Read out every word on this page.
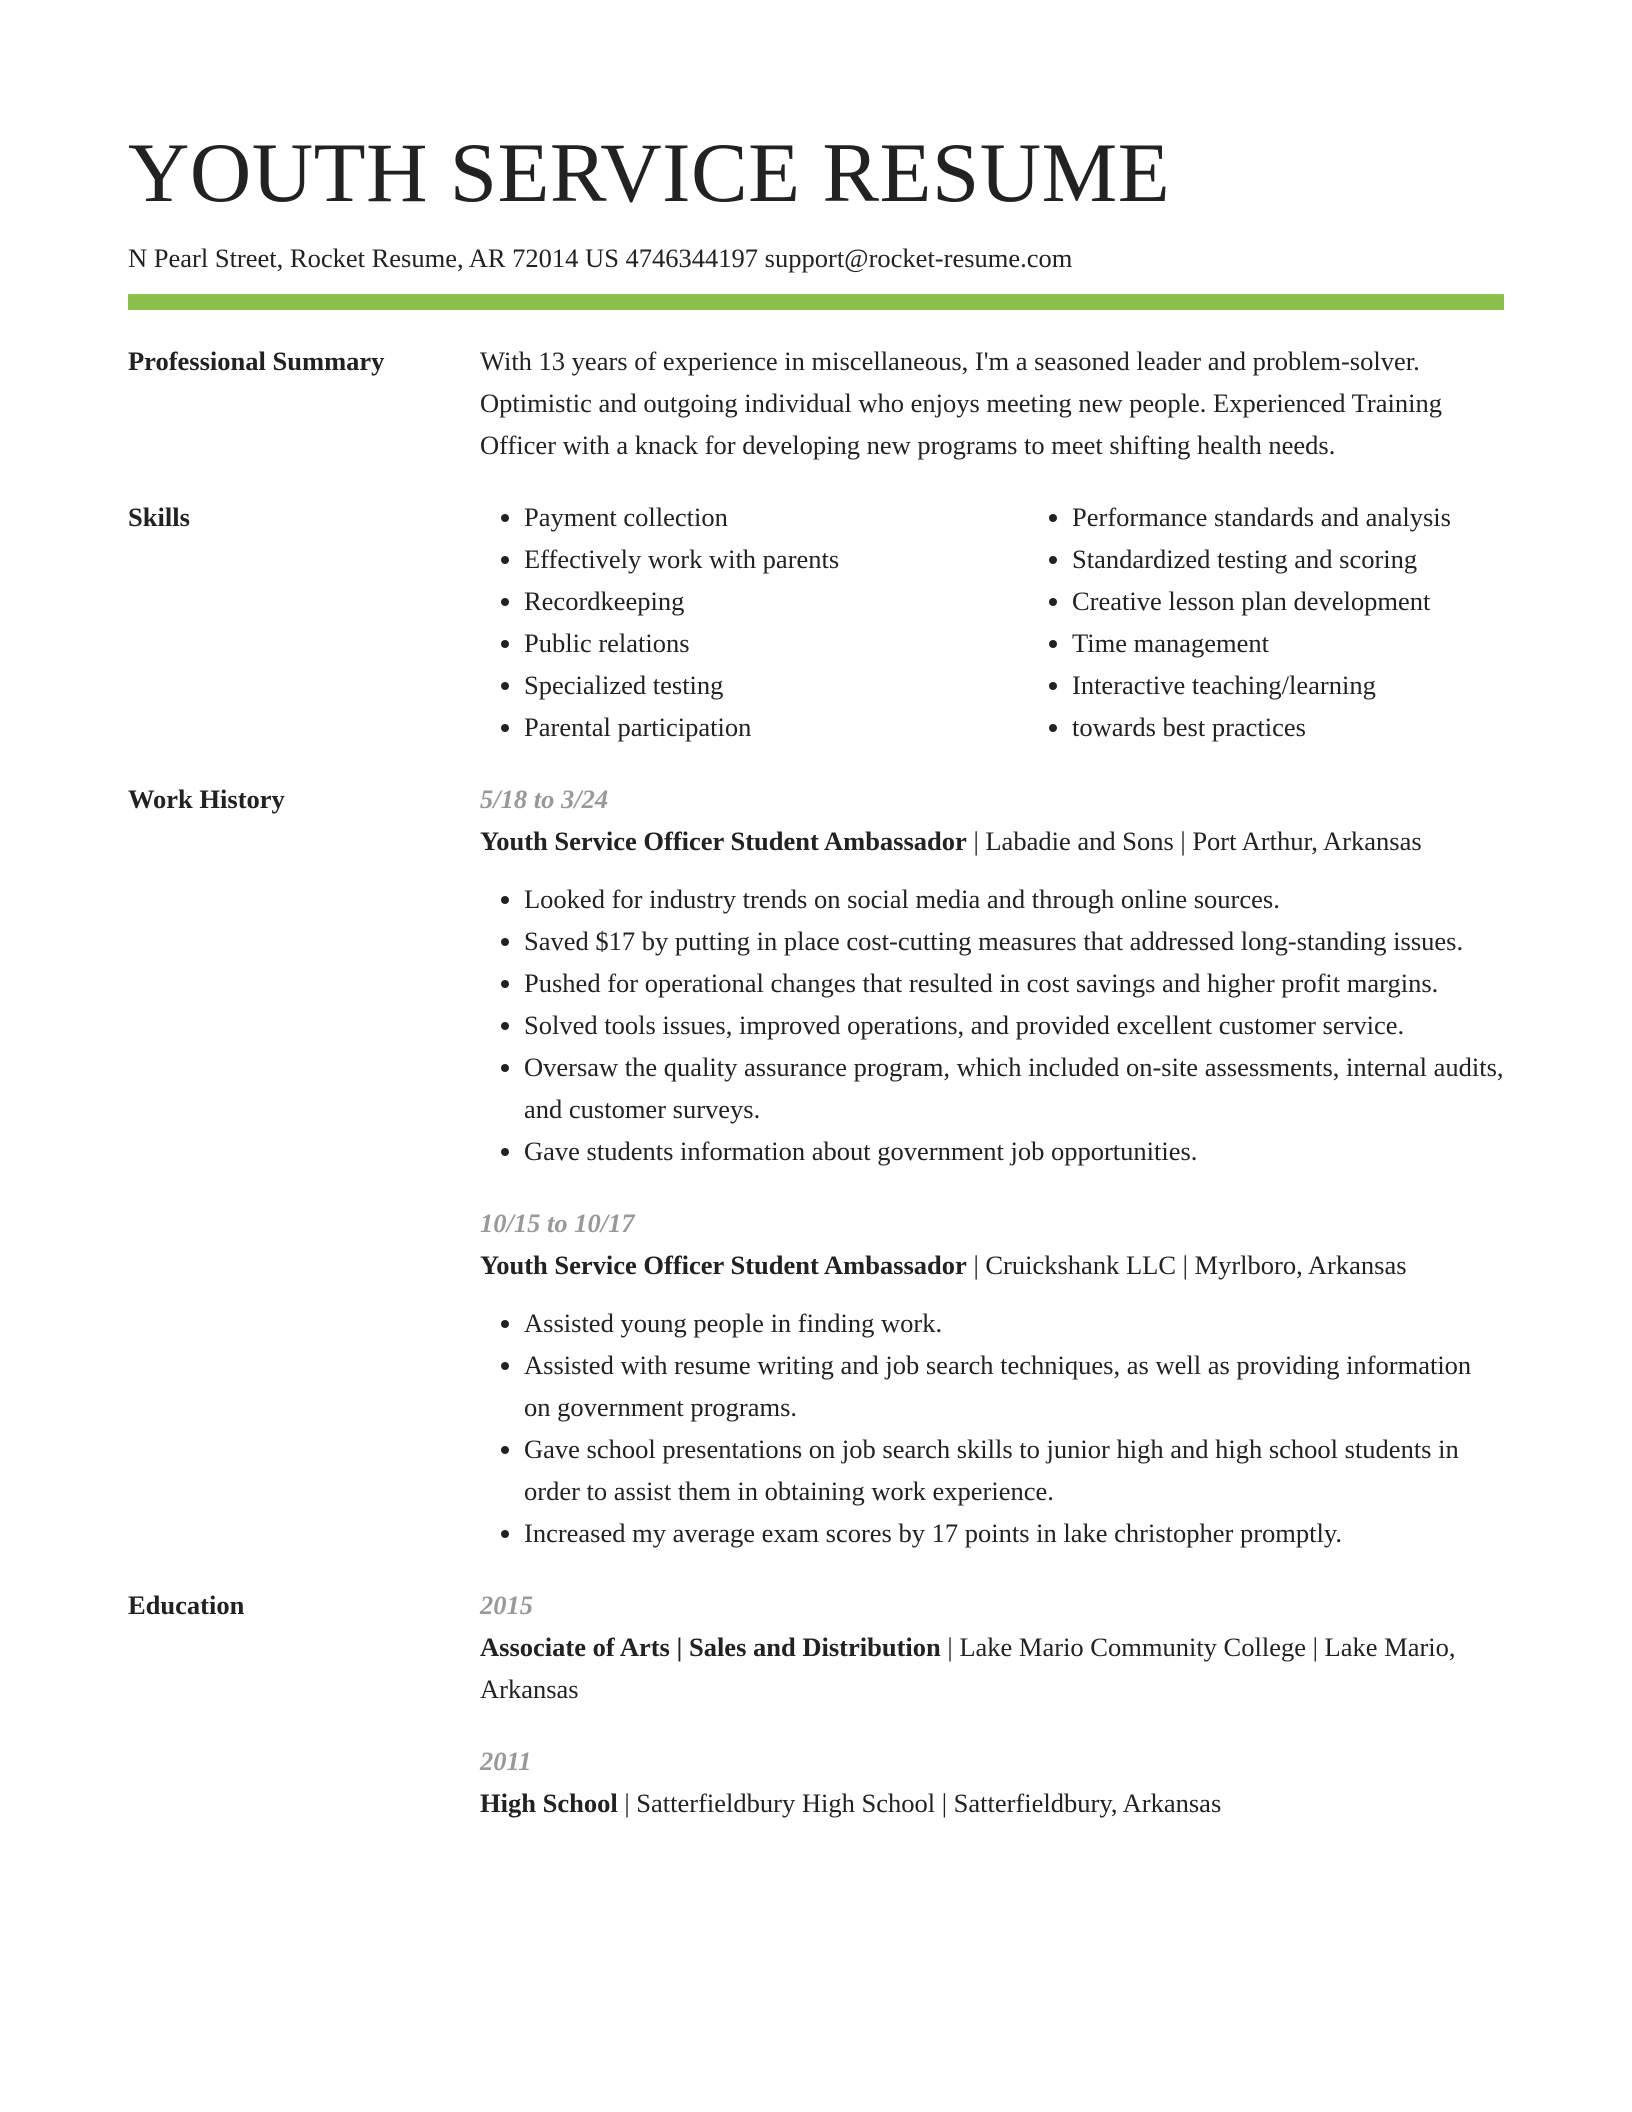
YOUTH SERVICE RESUME
N Pearl Street, Rocket Resume, AR 72014 US 4746344197 support@rocket-resume.com
Professional Summary	With 13 years of experience in miscellaneous, I'm a seasoned leader and problem-solver. Optimistic and outgoing individual who enjoys meeting new people. Experienced Training Officer with a knack for developing new programs to meet shifting health needs.

Skills
•	Payment collection
• Effectively work with parents
• Recordkeeping
• Public relations
• Specialized testing
• Parental participation
• Performance standards and analysis
• Standardized testing and scoring
• Creative lesson plan development
• Time management
• Interactive teaching/learning
• towards best practices
Work History	5/18 to 3/24
Youth Service Officer Student Ambassador | Labadie and Sons | Port Arthur, Arkansas
• Looked for industry trends on social media and through online sources.
• Saved $17 by putting in place cost-cutting measures that addressed long-standing issues.
• Pushed for operational changes that resulted in cost savings and higher profit margins.
• Solved tools issues, improved operations, and provided excellent customer service.
• Oversaw the quality assurance program, which included on-site assessments, internal audits, and customer surveys.
• Gave students information about government job opportunities.
10/15 to 10/17
Youth Service Officer Student Ambassador | Cruickshank LLC | Myrlboro, Arkansas
• Assisted young people in finding work.
• Assisted with resume writing and job search techniques, as well as providing information on government programs.
• Gave school presentations on job search skills to junior high and high school students in order to assist them in obtaining work experience.
• Increased my average exam scores by 17 points in lake christopher promptly.
Education	2015
Associate of Arts | Sales and Distribution | Lake Mario Community College | Lake Mario, Arkansas
2011
High School | Satterfieldbury High School | Satterfieldbury, Arkansas
